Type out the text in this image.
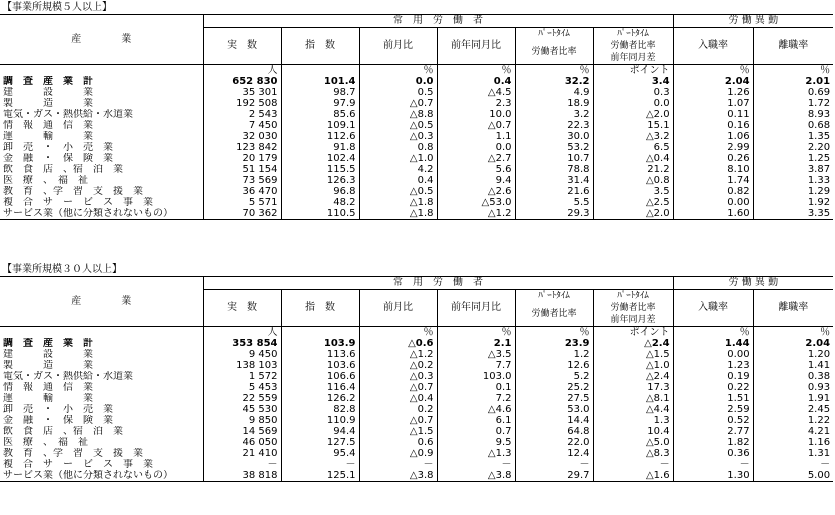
【事業所規模５人以上】
産　　　　業	常　用　労　働　者						労 働 異 動	
	実　数	指　数	前月比	前年同月比	ﾊﾟｰﾄﾀｲﾑ	ﾊﾟｰﾄﾀｲﾑ	入職率	離職率
					労働者比率	労働者比率
前年同月差		

	人		％	％	％	ポイント	％	％
調　査　産　業　計	652 830	101.4	0.0	0.4	32.2	3.4	2.04	2.01
建　　　設　　　業	35 301	98.7	0.5	△4.5	4.9	0.3	1.26	0.69
製　　　造　　　業	192 508	97.9	△0.7	2.3	18.9	0.0	1.07	1.72
電気・ガス・熱供給・水道業	2 543	85.6	△8.8	10.0	3.2	△2.0	0.11	8.93
情　報　通　信　業	7 450	109.1	△0.5	△0.7	22.3	15.1	0.16	0.68
運　　　輸　　　業	32 030	112.6	△0.3	1.1	30.0	△3.2	1.06	1.35
卸　売　・　小　売　業	123 842	91.8	0.8	0.0	53.2	6.5	2.99	2.20
金　融　・　保　険　業	20 179	102.4	△1.0	△2.7	10.7	△0.4	0.26	1.25
飲　食　店　、宿　泊　業	51 154	115.5	4.2	5.6	78.8	21.2	8.10	3.87
医　療　、　福　祉	73 569	126.3	0.4	9.4	31.4	△0.8	1.74	1.33
教　育　、学　習　支　援　業	36 470	96.8	△0.5	△2.6	21.6	3.5	0.82	1.29
複　合　サ　ー　ビ　ス　事　業	5 571	48.2	△1.8	△53.0	5.5	△2.5	0.00	1.92
サービス業（他に分類されないもの）	70 362	110.5	△1.8	△1.2	29.3	△2.0	1.60	3.35
【事業所規模３０人以上】
産　　　　業	常　用　労　働　者						労 働 異 動	
	実　数	指　数	前月比	前年同月比	ﾊﾟｰﾄﾀｲﾑ	ﾊﾟｰﾄﾀｲﾑ	入職率	離職率
					労働者比率	労働者比率
前年同月差		

	人		％	％	％	ポイント	％	％
調　査　産　業　計	353 854	103.9	△0.6	2.1	23.9	△2.4	1.44	2.04
建　　　設　　　業	9 450	113.6	△1.2	△3.5	1.2	△1.5	0.00	1.20
製　　　造　　　業	138 103	103.6	△0.2	7.7	12.6	△1.0	1.23	1.41
電気・ガス・熱供給・水道業	1 572	106.6	△0.3	103.0	5.2	△2.4	0.19	0.38
情　報　通　信　業	5 453	116.4	△0.7	0.1	25.2	17.3	0.22	0.93
運　　　輸　　　業	22 559	126.2	△0.4	7.2	27.5	△8.1	1.51	1.91
卸　売　・　小　売　業	45 530	82.8	0.2	△4.6	53.0	△4.4	2.59	2.45
金　融　・　保　険　業	9 850	110.9	△0.7	6.1	14.4	1.3	0.52	1.22
飲　食　店　、宿　泊　業	14 569	94.4	△1.5	0.7	64.8	10.4	2.77	4.21
医　療　、　福　祉	46 050	127.5	0.6	9.5	22.0	△5.0	1.82	1.16
教　育　、学　習　支　援　業	21 410	95.4	△0.9	△1.3	12.4	△8.3	0.36	1.31
複　合　サ　ー　ビ　ス　事　業	－	－	－	－	－	－	－	－
サービス業（他に分類されないもの）	38 818	125.1	△3.8	△3.8	29.7	△1.6	1.30	5.00
